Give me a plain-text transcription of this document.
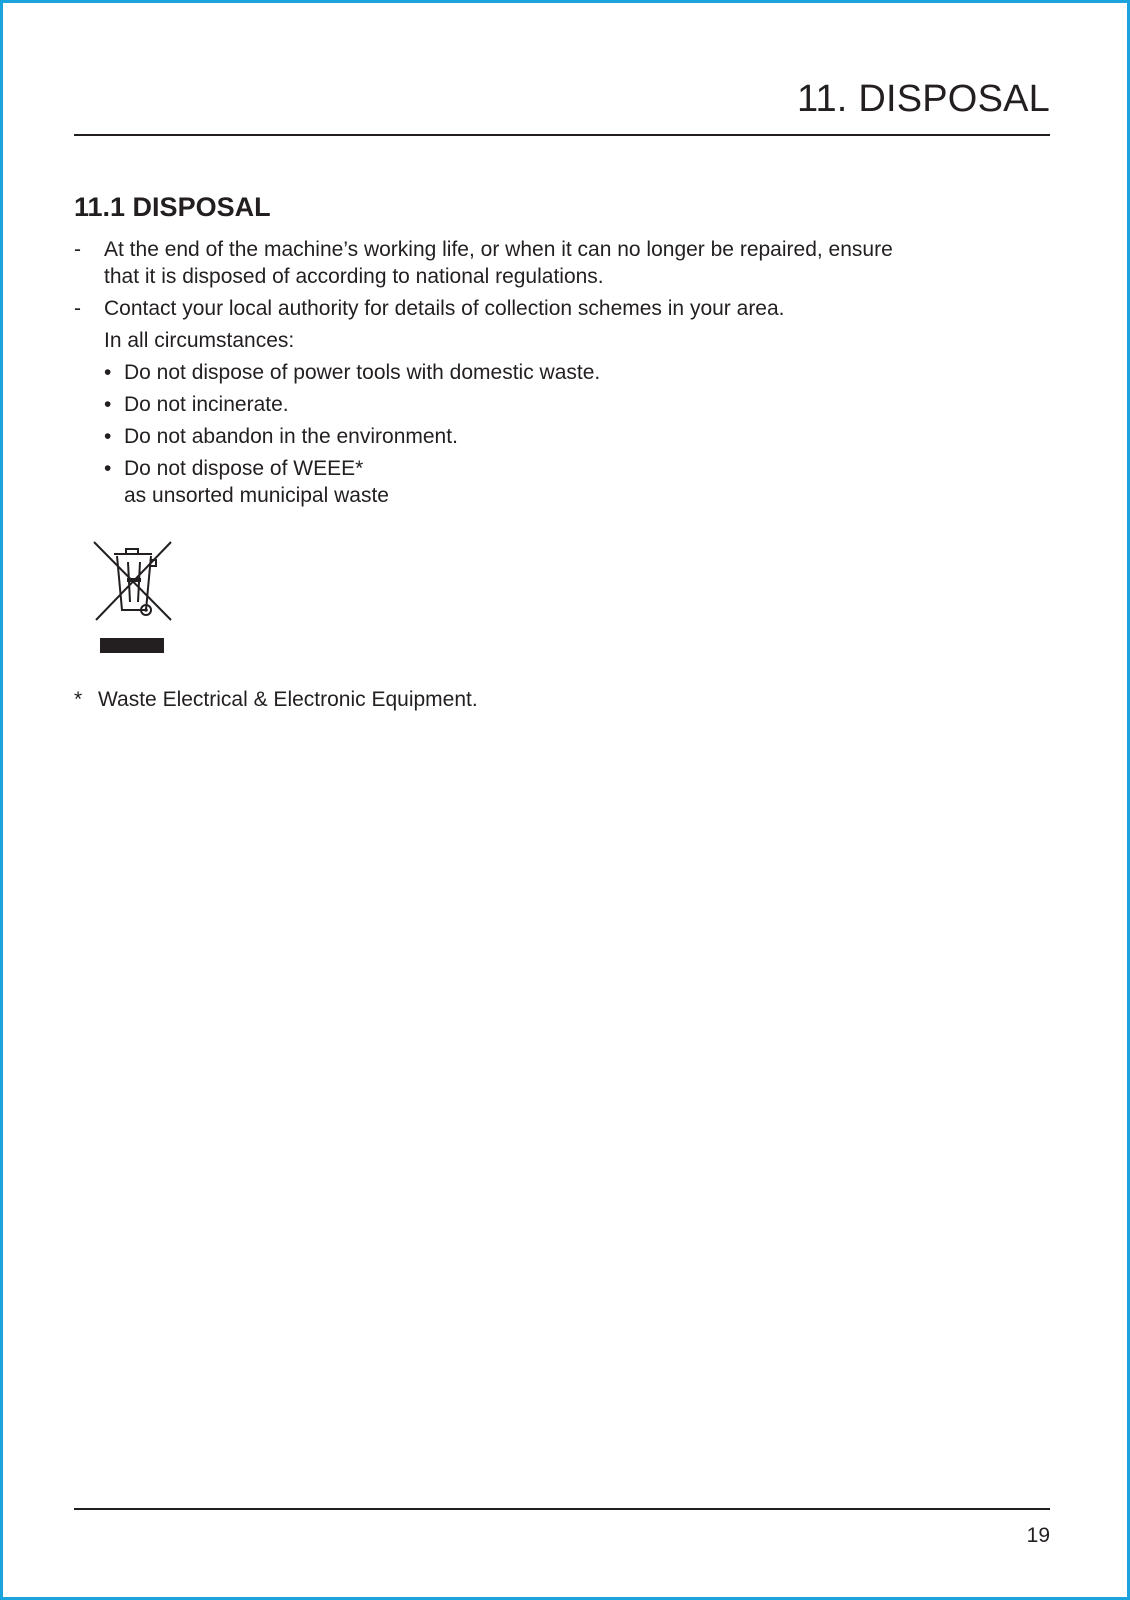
11. DISPOSAL
11.1 DISPOSAL
- At the end of the machine’s working life, or when it can no longer be repaired, ensure
that it is disposed of according to national regulations.
- Contact your local authority for details of collection schemes in your area.
In all circumstances:
• Do not dispose of power tools with domestic waste.
• Do not incinerate.
• Do not abandon in the environment.
• Do not dispose of WEEE*
as unsorted municipal waste
* Waste Electrical & Electronic Equipment.
19
